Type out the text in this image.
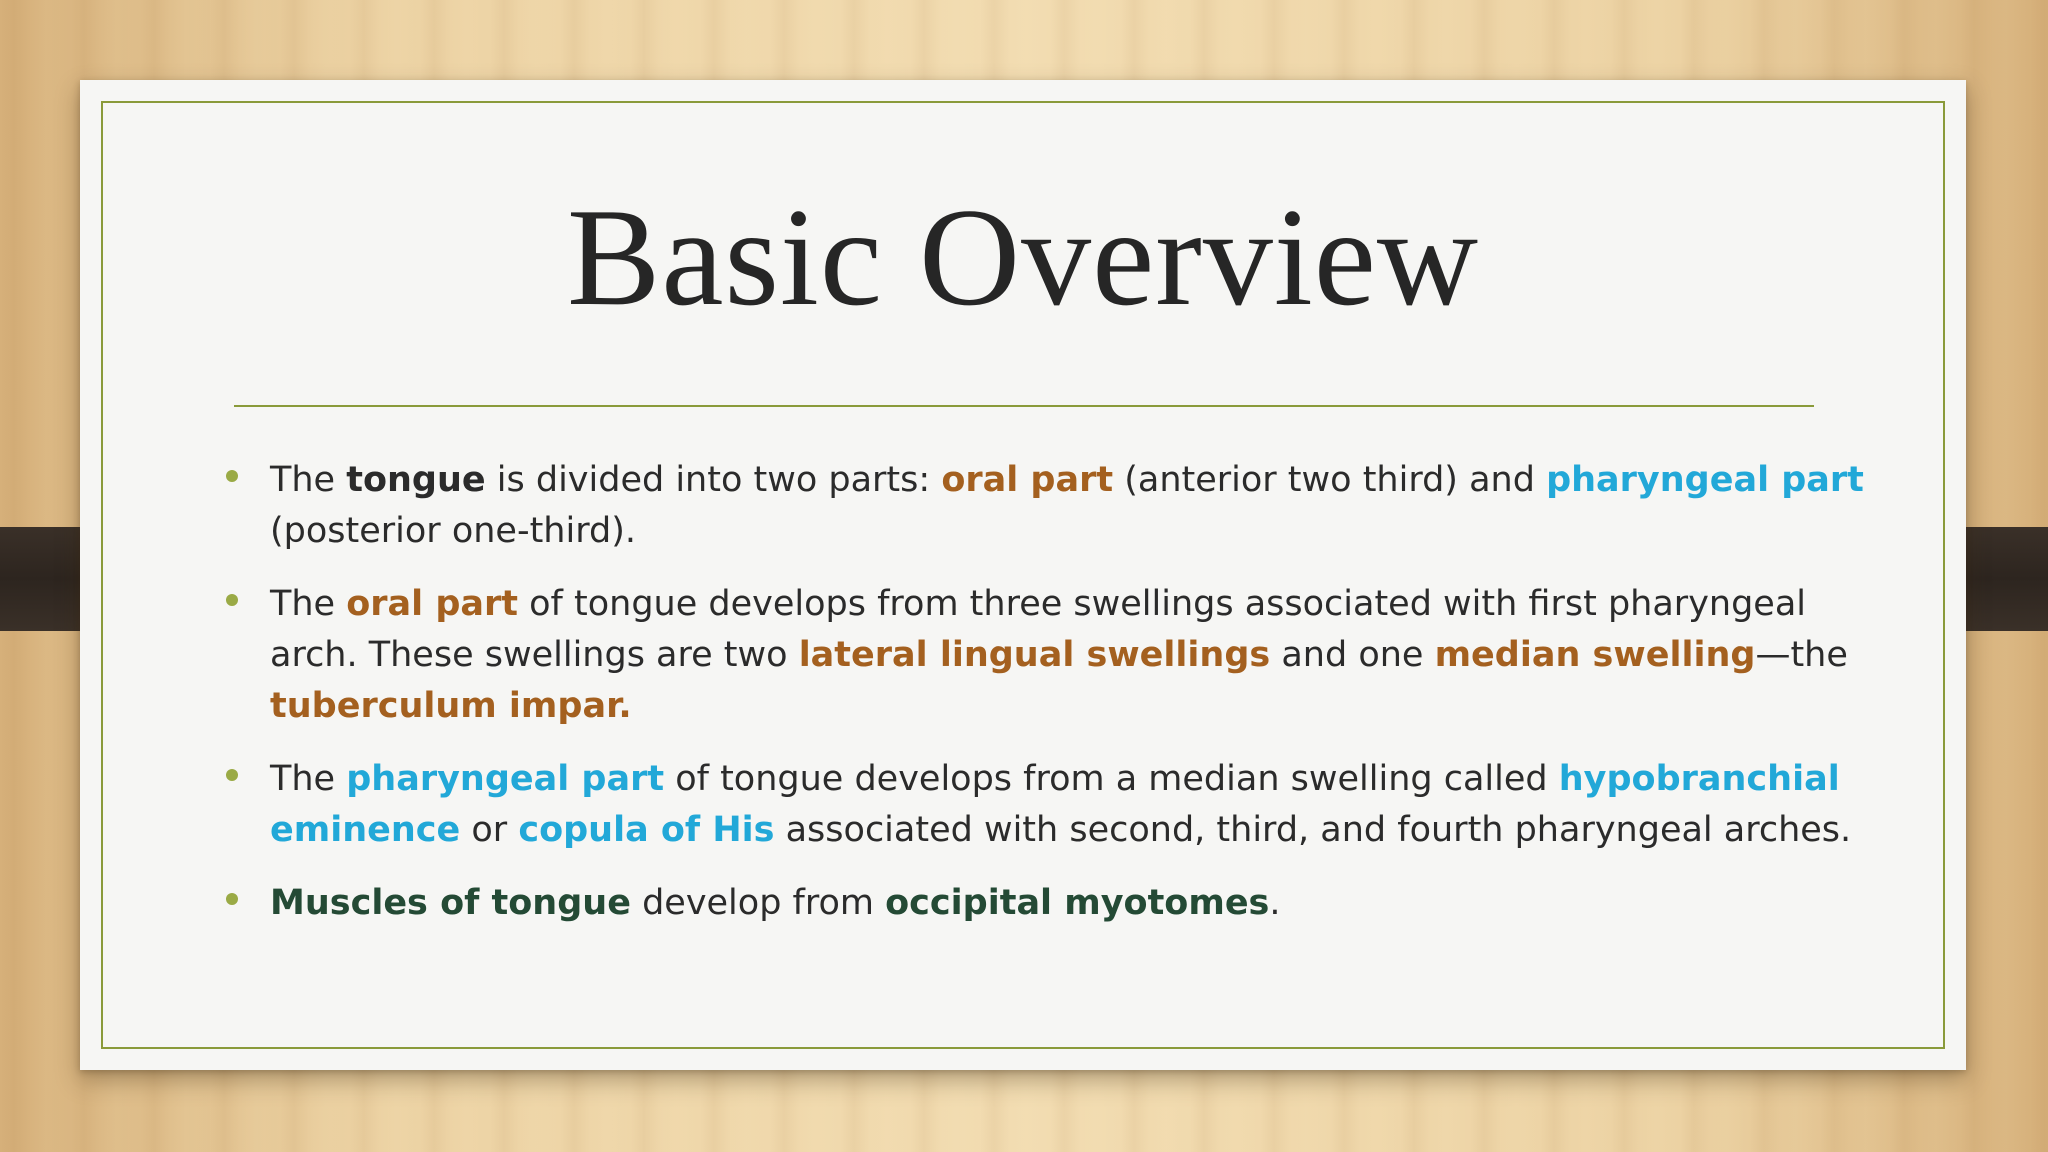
Basic Overview
The tongue is divided into two parts: oral part (anterior two third) and pharyngeal part (posterior one-third).
The oral part of tongue develops from three swellings associated with first pharyngeal arch. These swellings are two lateral lingual swellings and one median swelling—the tuberculum impar.
The pharyngeal part of tongue develops from a median swelling called hypobranchial eminence or copula of His associated with second, third, and fourth pharyngeal arches.
Muscles of tongue develop from occipital myotomes.
